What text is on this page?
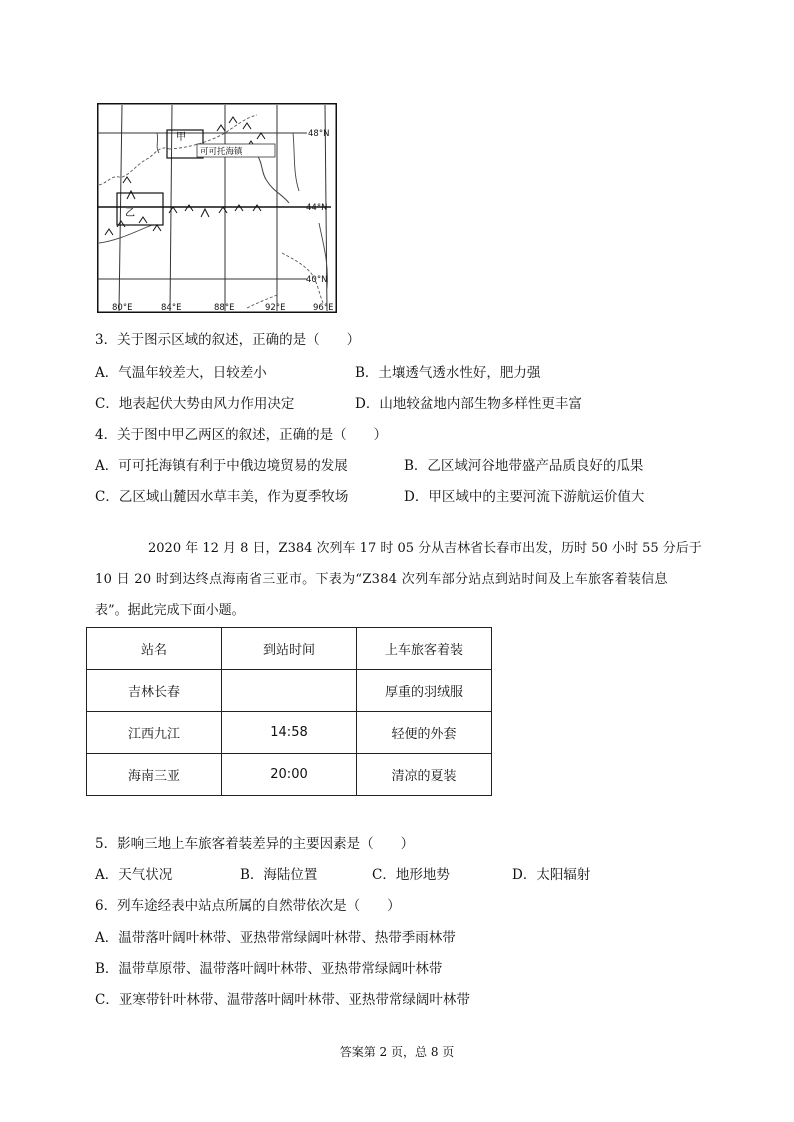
甲
乙
可可托海镇
48°N
44°N
40°N
80°E	84°E	88°E	92°E	96°E
3．关于图示区域的叙述，正确的是（　　）
A．气温年较差大，日较差小	B．土壤透气透水性好，肥力强
C．地表起伏大势由风力作用决定	D．山地较盆地内部生物多样性更丰富
4．关于图中甲乙两区的叙述，正确的是（　　）
A．可可托海镇有利于中俄边境贸易的发展	B．乙区域河谷地带盛产品质良好的瓜果
C．乙区域山麓因水草丰美，作为夏季牧场	D．甲区域中的主要河流下游航运价值大
2020 年 12 月 8 日，Z384 次列车 17 时 05 分从吉林省长春市出发，历时 50 小时 55 分后于
10 日 20 时到达终点海南省三亚市。下表为“Z384 次列车部分站点到站时间及上车旅客着装信息
表”。据此完成下面小题。
站名	到站时间	上车旅客着装
吉林长春		厚重的羽绒服
江西九江	14:58	轻便的外套
海南三亚	20:00	清凉的夏装
5．影响三地上车旅客着装差异的主要因素是（　　）
A．天气状况	B．海陆位置	C．地形地势	D．太阳辐射
6．列车途经表中站点所属的自然带依次是（　　）
A．温带落叶阔叶林带、亚热带常绿阔叶林带、热带季雨林带
B．温带草原带、温带落叶阔叶林带、亚热带常绿阔叶林带
C．亚寒带针叶林带、温带落叶阔叶林带、亚热带常绿阔叶林带
答案第 2 页，总 8 页
